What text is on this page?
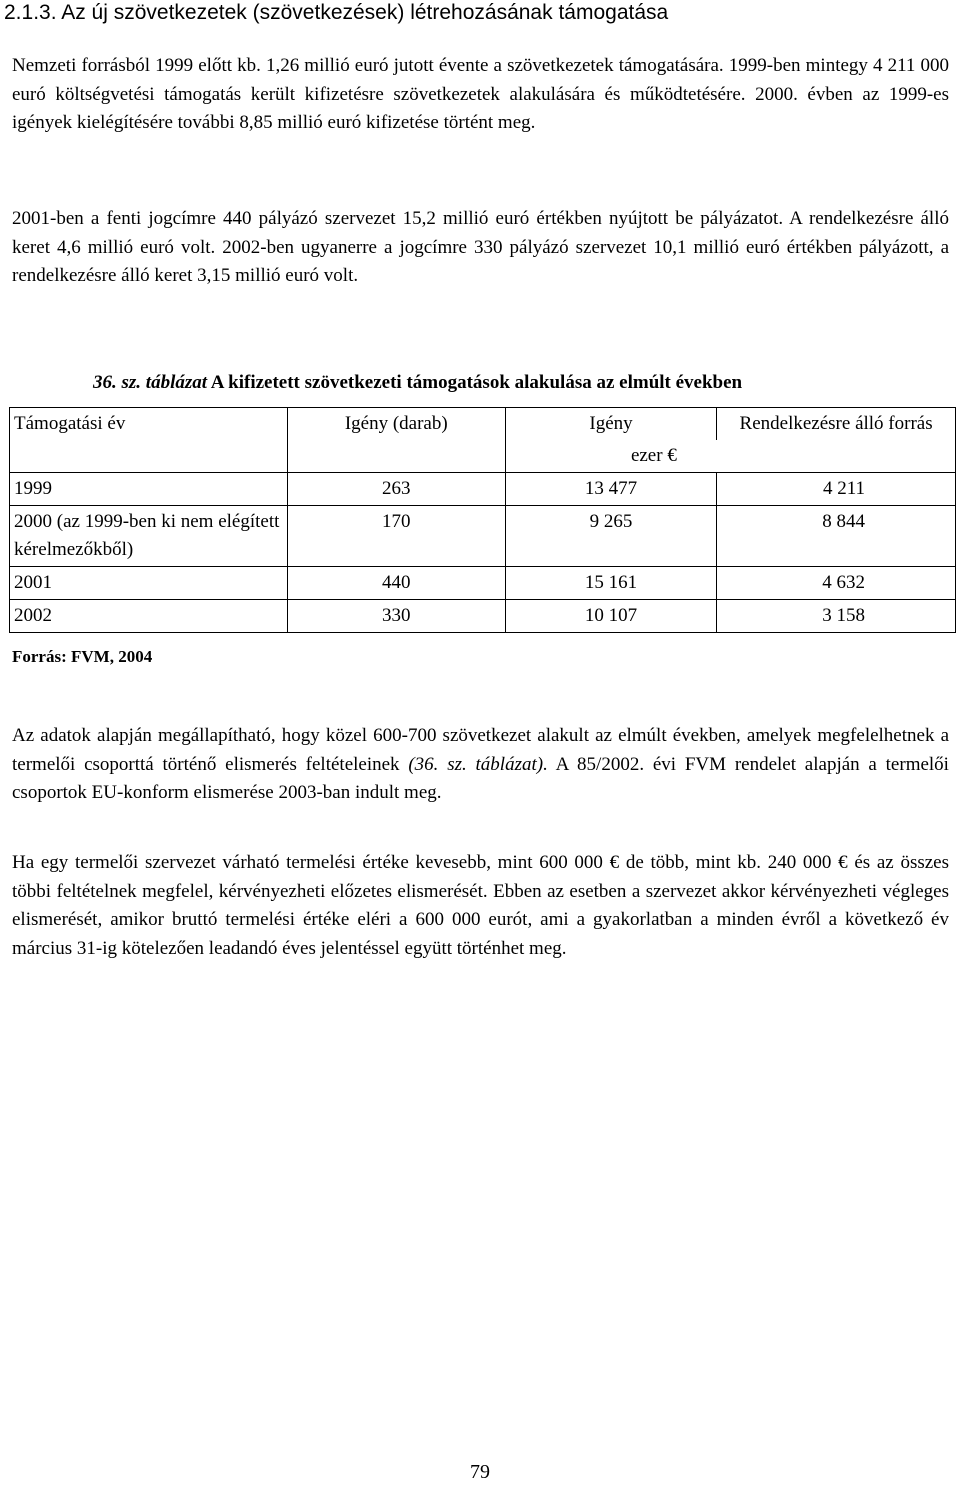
2.1.3. Az új szövetkezetek (szövetkezések) létrehozásának támogatása

Nemzeti forrásból 1999 előtt kb. 1,26 millió euró jutott évente a szövetkezetek támogatására. 1999-ben mintegy 4 211 000 euró költségvetési támogatás került kifizetésre szövetkezetek alakulására és működtetésére. 2000. évben az 1999-es igények kielégítésére további 8,85 millió euró kifizetése történt meg.

2001-ben a fenti jogcímre 440 pályázó szervezet 15,2 millió euró értékben nyújtott be pályázatot. A rendelkezésre álló keret 4,6 millió euró volt. 2002-ben ugyanerre a jogcímre 330 pályázó szervezet 10,1 millió euró értékben pályázott, a rendelkezésre álló keret 3,15 millió euró volt.

36. sz. táblázat A kifizetett szövetkezeti támogatások alakulása az elmúlt években

Támogatási év	Igény (darab)	Igény	Rendelkezésre álló forrás
		ezer €	
1999	263	13 477	4 211
2000 (az 1999-ben ki nem elégített kérelmezőkből)	170	9 265	8 844
2001	440	15 161	4 632
2002	330	10 107	3 158

Forrás: FVM, 2004

Az adatok alapján megállapítható, hogy közel 600-700 szövetkezet alakult az elmúlt években, amelyek megfelelhetnek a termelői csoporttá történő elismerés feltételeinek (36. sz. táblázat). A 85/2002. évi FVM rendelet alapján a termelői csoportok EU-konform elismerése 2003-ban indult meg.

Ha egy termelői szervezet várható termelési értéke kevesebb, mint 600 000 € de több, mint kb. 240 000 € és az összes többi feltételnek megfelel, kérvényezheti előzetes elismerését. Ebben az esetben a szervezet akkor kérvényezheti végleges elismerését, amikor bruttó termelési értéke eléri a 600 000 eurót, ami a gyakorlatban a minden évről a következő év március 31-ig kötelezően leadandó éves jelentéssel együtt történhet meg.

79
